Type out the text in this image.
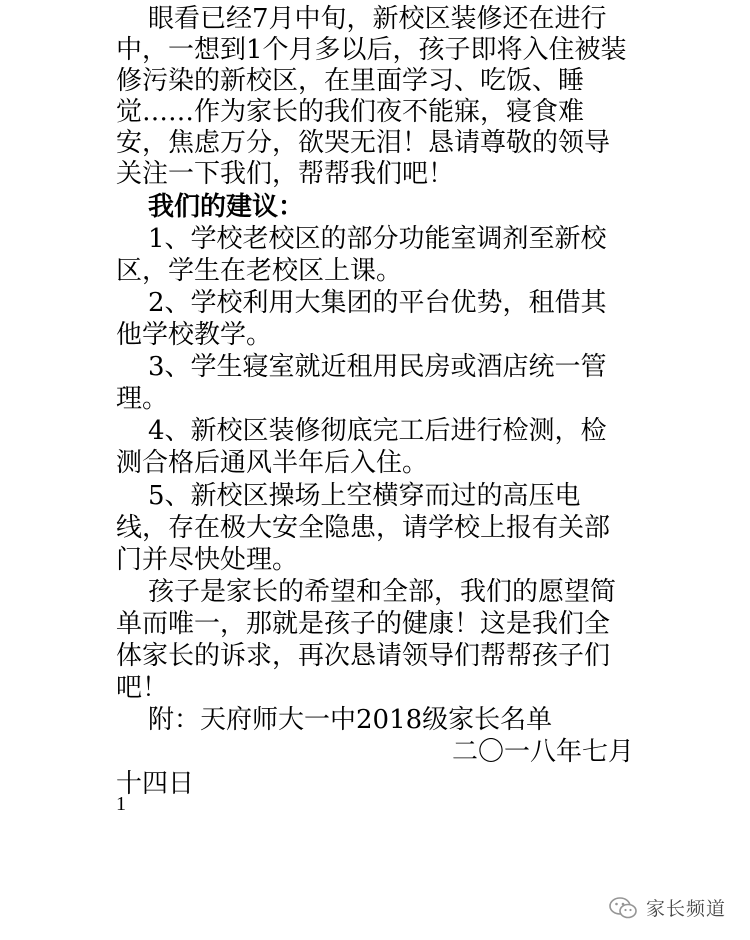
眼看已经7月中旬，新校区装修还在进行
中，一想到1个月多以后，孩子即将入住被装
修污染的新校区，在里面学习、吃饭、睡
觉……作为家长的我们夜不能寐，寝食难
安，焦虑万分，欲哭无泪！恳请尊敬的领导
关注一下我们，帮帮我们吧！
我们的建议：
1、学校老校区的部分功能室调剂至新校
区，学生在老校区上课。
2、学校利用大集团的平台优势，租借其
他学校教学。
3、学生寝室就近租用民房或酒店统一管
理。
4、新校区装修彻底完工后进行检测，检
测合格后通风半年后入住。
5、新校区操场上空横穿而过的高压电
线，存在极大安全隐患，请学校上报有关部
门并尽快处理。
孩子是家长的希望和全部，我们的愿望简
单而唯一，那就是孩子的健康！这是我们全
体家长的诉求，再次恳请领导们帮帮孩子们
吧！
附：天府师大一中2018级家长名单
二〇一八年七月
十四日
1
家长频道
